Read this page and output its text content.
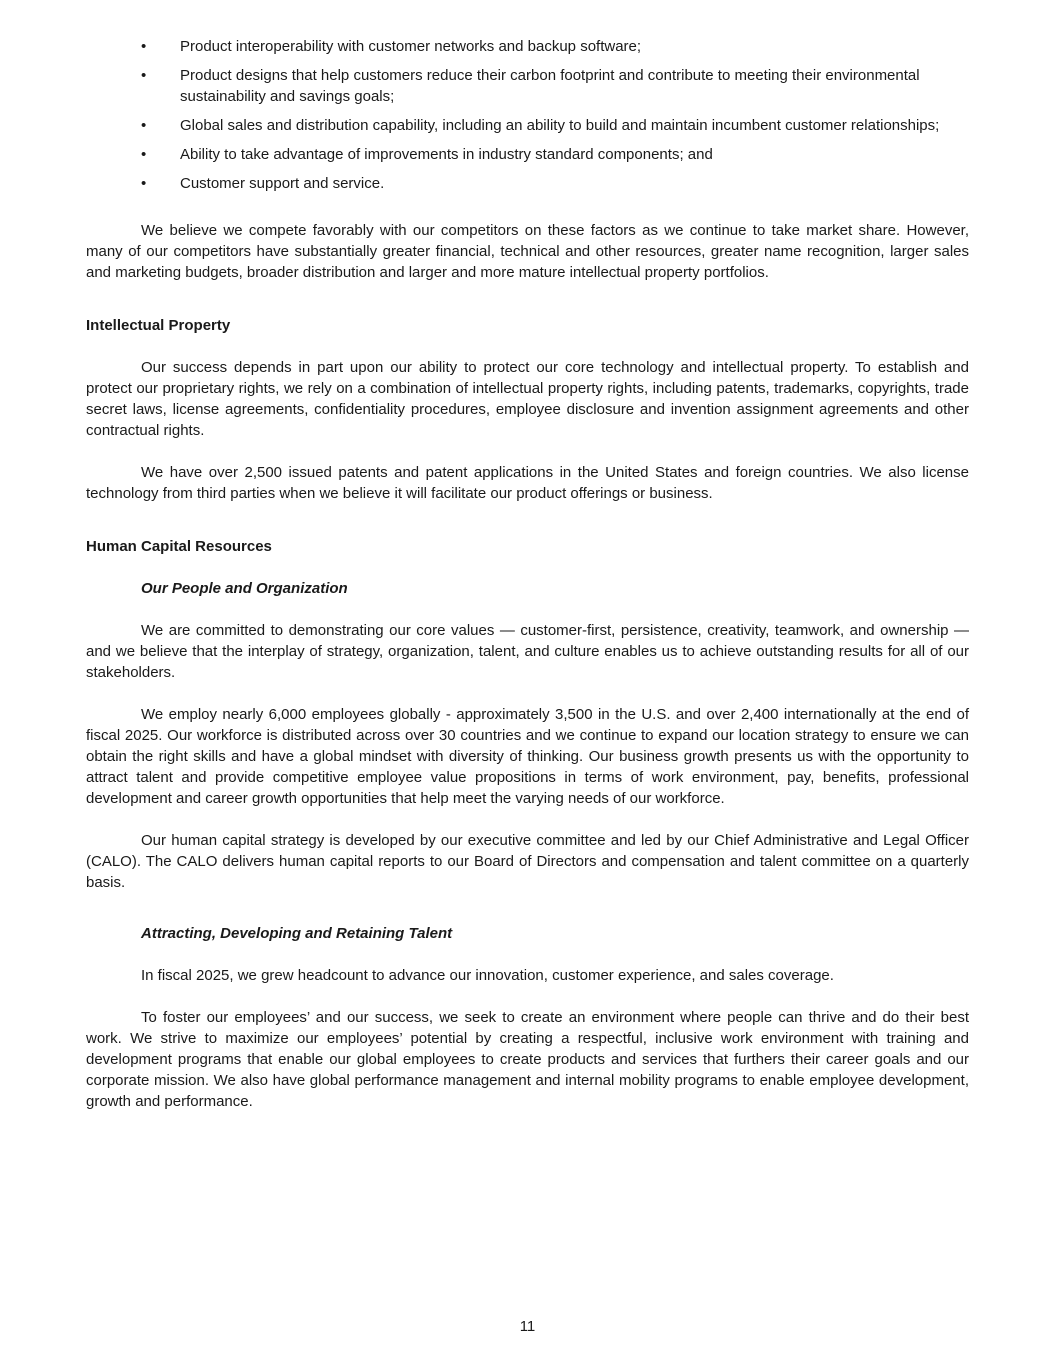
• Product interoperability with customer networks and backup software;
• Product designs that help customers reduce their carbon footprint and contribute to meeting their environmental sustainability and savings goals;
• Global sales and distribution capability, including an ability to build and maintain incumbent customer relationships;
• Ability to take advantage of improvements in industry standard components; and
• Customer support and service.

We believe we compete favorably with our competitors on these factors as we continue to take market share. However, many of our competitors have substantially greater financial, technical and other resources, greater name recognition, larger sales and marketing budgets, broader distribution and larger and more mature intellectual property portfolios.

Intellectual Property

Our success depends in part upon our ability to protect our core technology and intellectual property. To establish and protect our proprietary rights, we rely on a combination of intellectual property rights, including patents, trademarks, copyrights, trade secret laws, license agreements, confidentiality procedures, employee disclosure and invention assignment agreements and other contractual rights.

We have over 2,500 issued patents and patent applications in the United States and foreign countries. We also license technology from third parties when we believe it will facilitate our product offerings or business.

Human Capital Resources
Our People and Organization

We are committed to demonstrating our core values — customer-first, persistence, creativity, teamwork, and ownership — and we believe that the interplay of strategy, organization, talent, and culture enables us to achieve outstanding results for all of our stakeholders.

We employ nearly 6,000 employees globally - approximately 3,500 in the U.S. and over 2,400 internationally at the end of fiscal 2025. Our workforce is distributed across over 30 countries and we continue to expand our location strategy to ensure we can obtain the right skills and have a global mindset with diversity of thinking. Our business growth presents us with the opportunity to attract talent and provide competitive employee value propositions in terms of work environment, pay, benefits, professional development and career growth opportunities that help meet the varying needs of our workforce.

Our human capital strategy is developed by our executive committee and led by our Chief Administrative and Legal Officer (CALO). The CALO delivers human capital reports to our Board of Directors and compensation and talent committee on a quarterly basis.

Attracting, Developing and Retaining Talent

In fiscal 2025, we grew headcount to advance our innovation, customer experience, and sales coverage.

To foster our employees’ and our success, we seek to create an environment where people can thrive and do their best work. We strive to maximize our employees’ potential by creating a respectful, inclusive work environment with training and development programs that enable our global employees to create products and services that furthers their career goals and our corporate mission. We also have global performance management and internal mobility programs to enable employee development, growth and performance.

11
